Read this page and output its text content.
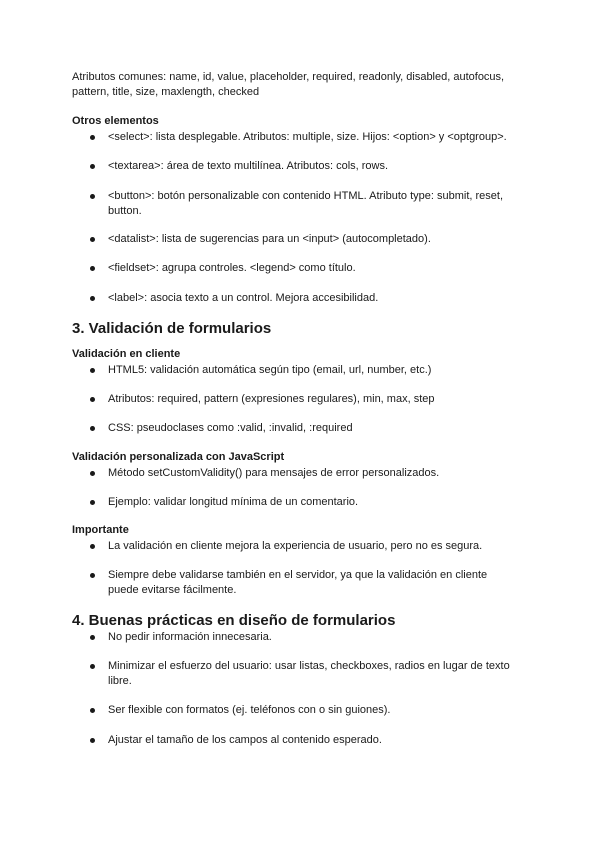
Atributos comunes: name, id, value, placeholder, required, readonly, disabled, autofocus, pattern, title, size, maxlength, checked

Otros elementos

<select>: lista desplegable. Atributos: multiple, size. Hijos: <option> y <optgroup>.

<textarea>: área de texto multilínea. Atributos: cols, rows.

<button>: botón personalizable con contenido HTML. Atributo type: submit, reset, button.

<datalist>: lista de sugerencias para un <input> (autocompletado).

<fieldset>: agrupa controles. <legend> como título.

<label>: asocia texto a un control. Mejora accesibilidad.

3. Validación de formularios

Validación en cliente

HTML5: validación automática según tipo (email, url, number, etc.)

Atributos: required, pattern (expresiones regulares), min, max, step

CSS: pseudoclases como :valid, :invalid, :required

Validación personalizada con JavaScript

Método setCustomValidity() para mensajes de error personalizados.

Ejemplo: validar longitud mínima de un comentario.

Importante

La validación en cliente mejora la experiencia de usuario, pero no es segura.

Siempre debe validarse también en el servidor, ya que la validación en cliente puede evitarse fácilmente.

4. Buenas prácticas en diseño de formularios

No pedir información innecesaria.

Minimizar el esfuerzo del usuario: usar listas, checkboxes, radios en lugar de texto libre.

Ser flexible con formatos (ej. teléfonos con o sin guiones).

Ajustar el tamaño de los campos al contenido esperado.
